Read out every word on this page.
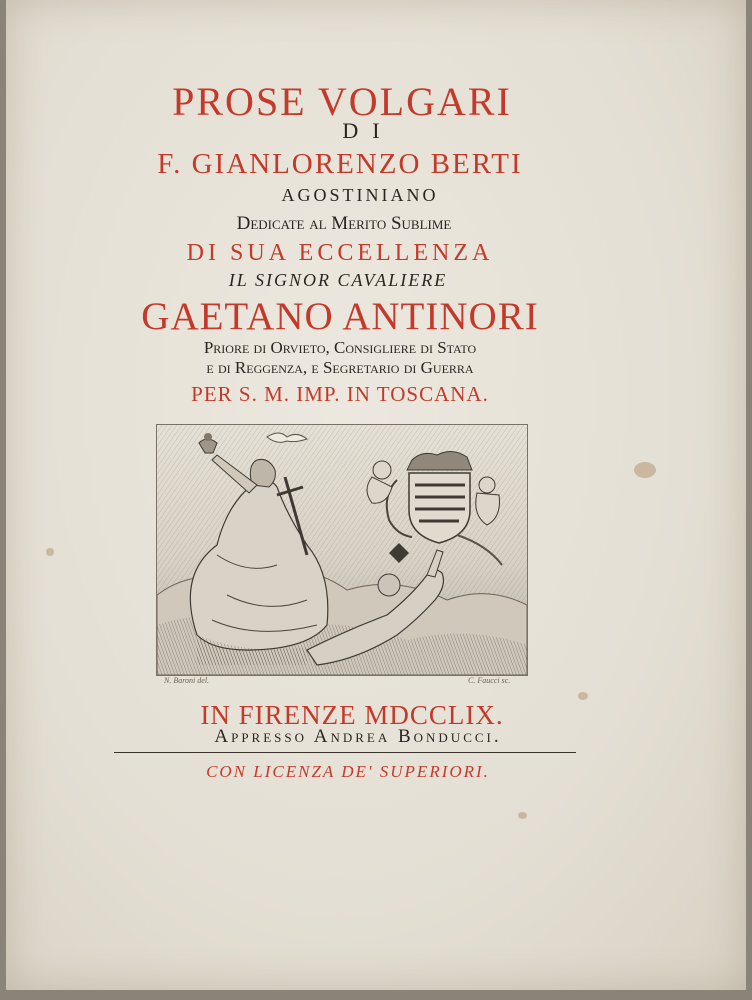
PROSE VOLGARI
DI
F. GIANLORENZO BERTI
AGOSTINIANO
Dedicate al Merito Sublime
DI SUA ECCELLENZA
IL SIGNOR CAVALIERE
GAETANO ANTINORI
Priore di Orvieto, Consigliere di Stato
e di Reggenza, e Segretario di Guerra
PER S. M. IMP. IN TOSCANA.
N. Baroni del.	C. Faucci sc.
IN FIRENZE MDCCLIX.
Appresso Andrea Bonducci.
CON LICENZA DE' SUPERIORI.
